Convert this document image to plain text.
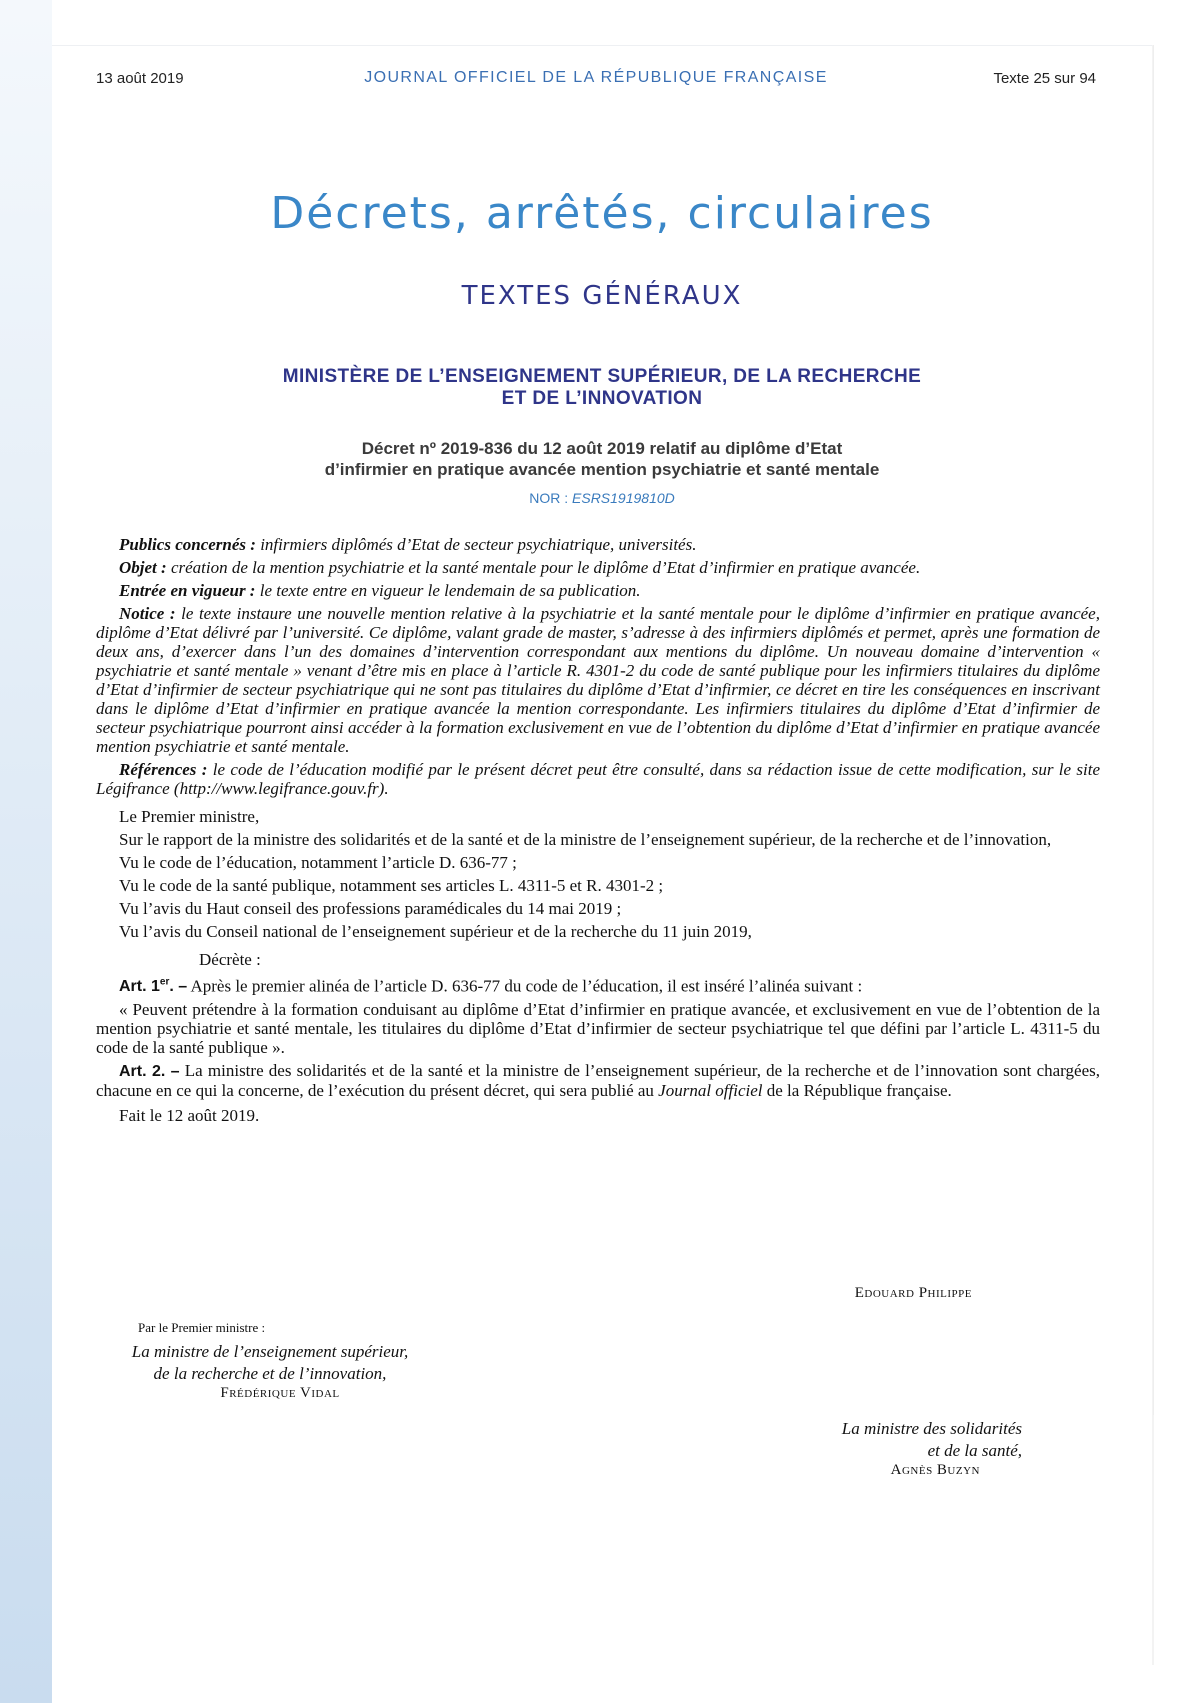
13 août 2019	JOURNAL OFFICIEL DE LA RÉPUBLIQUE FRANÇAISE	Texte 25 sur 94
Décrets, arrêtés, circulaires
TEXTES GÉNÉRAUX
MINISTÈRE DE L’ENSEIGNEMENT SUPÉRIEUR, DE LA RECHERCHE
ET DE L’INNOVATION
Décret nº 2019-836 du 12 août 2019 relatif au diplôme d’Etat
d’infirmier en pratique avancée mention psychiatrie et santé mentale
NOR : ESRS1919810D

Publics concernés : infirmiers diplômés d’Etat de secteur psychiatrique, universités.

Objet : création de la mention psychiatrie et la santé mentale pour le diplôme d’Etat d’infirmier en pratique avancée.

Entrée en vigueur : le texte entre en vigueur le lendemain de sa publication.

Notice : le texte instaure une nouvelle mention relative à la psychiatrie et la santé mentale pour le diplôme d’infirmier en pratique avancée, diplôme d’Etat délivré par l’université. Ce diplôme, valant grade de master, s’adresse à des infirmiers diplômés et permet, après une formation de deux ans, d’exercer dans l’un des domaines d’intervention correspondant aux mentions du diplôme. Un nouveau domaine d’intervention « psychiatrie et santé mentale » venant d’être mis en place à l’article R. 4301-2 du code de santé publique pour les infirmiers titulaires du diplôme d’Etat d’infirmier de secteur psychiatrique qui ne sont pas titulaires du diplôme d’Etat d’infirmier, ce décret en tire les conséquences en inscrivant dans le diplôme d’Etat d’infirmier en pratique avancée la mention correspondante. Les infirmiers titulaires du diplôme d’Etat d’infirmier de secteur psychiatrique pourront ainsi accéder à la formation exclusivement en vue de l’obtention du diplôme d’Etat d’infirmier en pratique avancée mention psychiatrie et santé mentale.

Références : le code de l’éducation modifié par le présent décret peut être consulté, dans sa rédaction issue de cette modification, sur le site Légifrance (http://www.legifrance.gouv.fr).

Le Premier ministre,

Sur le rapport de la ministre des solidarités et de la santé et de la ministre de l’enseignement supérieur, de la recherche et de l’innovation,

Vu le code de l’éducation, notamment l’article D. 636-77 ;

Vu le code de la santé publique, notamment ses articles L. 4311-5 et R. 4301-2 ;

Vu l’avis du Haut conseil des professions paramédicales du 14 mai 2019 ;

Vu l’avis du Conseil national de l’enseignement supérieur et de la recherche du 11 juin 2019,

Décrète :

Art. 1er. – Après le premier alinéa de l’article D. 636-77 du code de l’éducation, il est inséré l’alinéa suivant :

« Peuvent prétendre à la formation conduisant au diplôme d’Etat d’infirmier en pratique avancée, et exclusivement en vue de l’obtention de la mention psychiatrie et santé mentale, les titulaires du diplôme d’Etat d’infirmier de secteur psychiatrique tel que défini par l’article L. 4311-5 du code de la santé publique ».

Art. 2. – La ministre des solidarités et de la santé et la ministre de l’enseignement supérieur, de la recherche et de l’innovation sont chargées, chacune en ce qui la concerne, de l’exécution du présent décret, qui sera publié au Journal officiel de la République française.

Fait le 12 août 2019.

Edouard Philippe
Par le Premier ministre :
La ministre de l’enseignement supérieur,
de la recherche et de l’innovation,
Frédérique Vidal
La ministre des solidarités
et de la santé,
Agnès Buzyn
